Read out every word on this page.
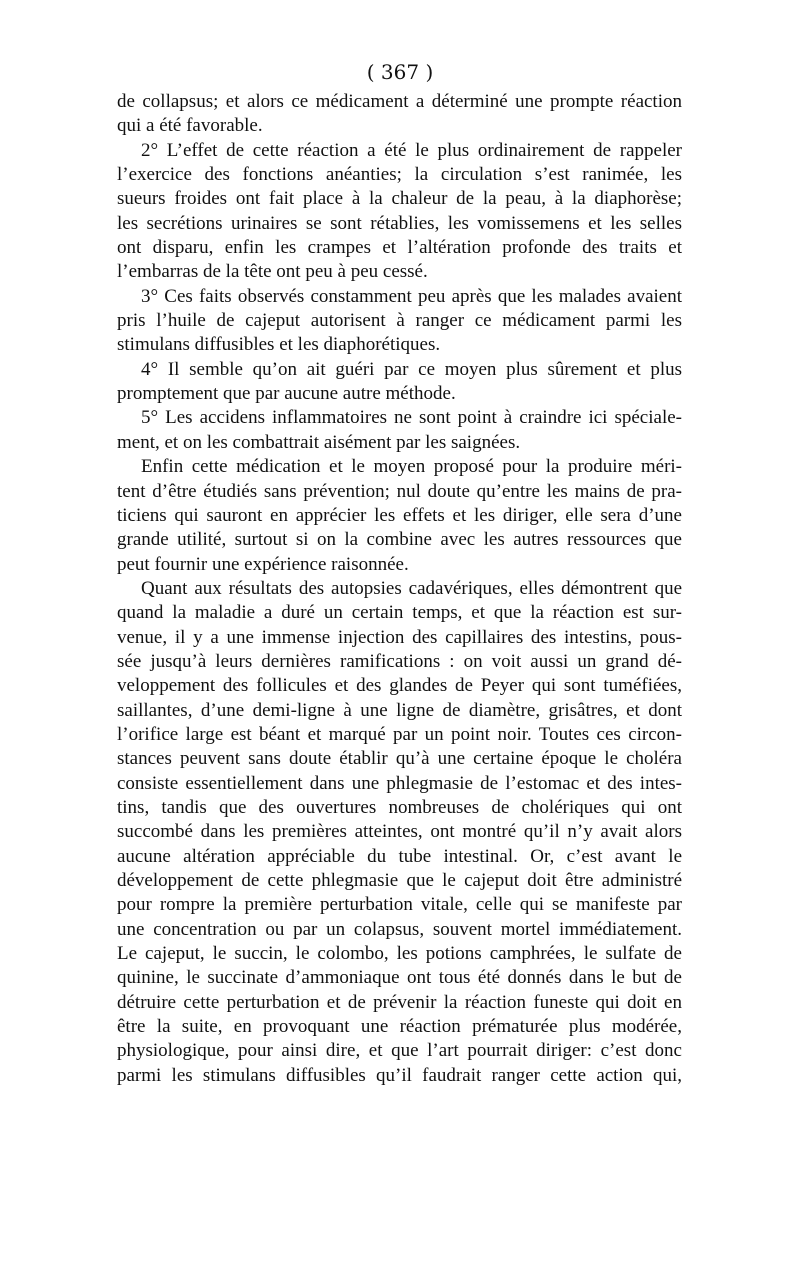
( 367 )
de collapsus; et alors ce médicament a déterminé une prompte réaction
qui a été favorable.
2° L’effet de cette réaction a été le plus ordinairement de rappeler
l’exercice des fonctions anéanties; la circulation s’est ranimée, les
sueurs froides ont fait place à la chaleur de la peau, à la diaphorèse;
les secrétions urinaires se sont rétablies, les vomissemens et les selles
ont disparu, enfin les crampes et l’altération profonde des traits et
l’embarras de la tête ont peu à peu cessé.
3° Ces faits observés constamment peu après que les malades avaient
pris l’huile de cajeput autorisent à ranger ce médicament parmi les
stimulans diffusibles et les diaphorétiques.
4° Il semble qu’on ait guéri par ce moyen plus sûrement et plus
promptement que par aucune autre méthode.
5° Les accidens inflammatoires ne sont point à craindre ici spéciale-
ment, et on les combattrait aisément par les saignées.
Enfin cette médication et le moyen proposé pour la produire méri-
tent d’être étudiés sans prévention; nul doute qu’entre les mains de pra-
ticiens qui sauront en apprécier les effets et les diriger, elle sera d’une
grande utilité, surtout si on la combine avec les autres ressources que
peut fournir une expérience raisonnée.
Quant aux résultats des autopsies cadavériques, elles démontrent que
quand la maladie a duré un certain temps, et que la réaction est sur-
venue, il y a une immense injection des capillaires des intestins, pous-
sée jusqu’à leurs dernières ramifications : on voit aussi un grand dé-
veloppement des follicules et des glandes de Peyer qui sont tuméfiées,
saillantes, d’une demi-ligne à une ligne de diamètre, grisâtres, et dont
l’orifice large est béant et marqué par un point noir. Toutes ces circon-
stances peuvent sans doute établir qu’à une certaine époque le choléra
consiste essentiellement dans une phlegmasie de l’estomac et des intes-
tins, tandis que des ouvertures nombreuses de cholériques qui ont
succombé dans les premières atteintes, ont montré qu’il n’y avait alors
aucune altération appréciable du tube intestinal. Or, c’est avant le
développement de cette phlegmasie que le cajeput doit être administré
pour rompre la première perturbation vitale, celle qui se manifeste par
une concentration ou par un colapsus, souvent mortel immédiatement.
Le cajeput, le succin, le colombo, les potions camphrées, le sulfate de
quinine, le succinate d’ammoniaque ont tous été donnés dans le but de
détruire cette perturbation et de prévenir la réaction funeste qui doit en
être la suite, en provoquant une réaction prématurée plus modérée,
physiologique, pour ainsi dire, et que l’art pourrait diriger: c’est donc
parmi les stimulans diffusibles qu’il faudrait ranger cette action qui,
